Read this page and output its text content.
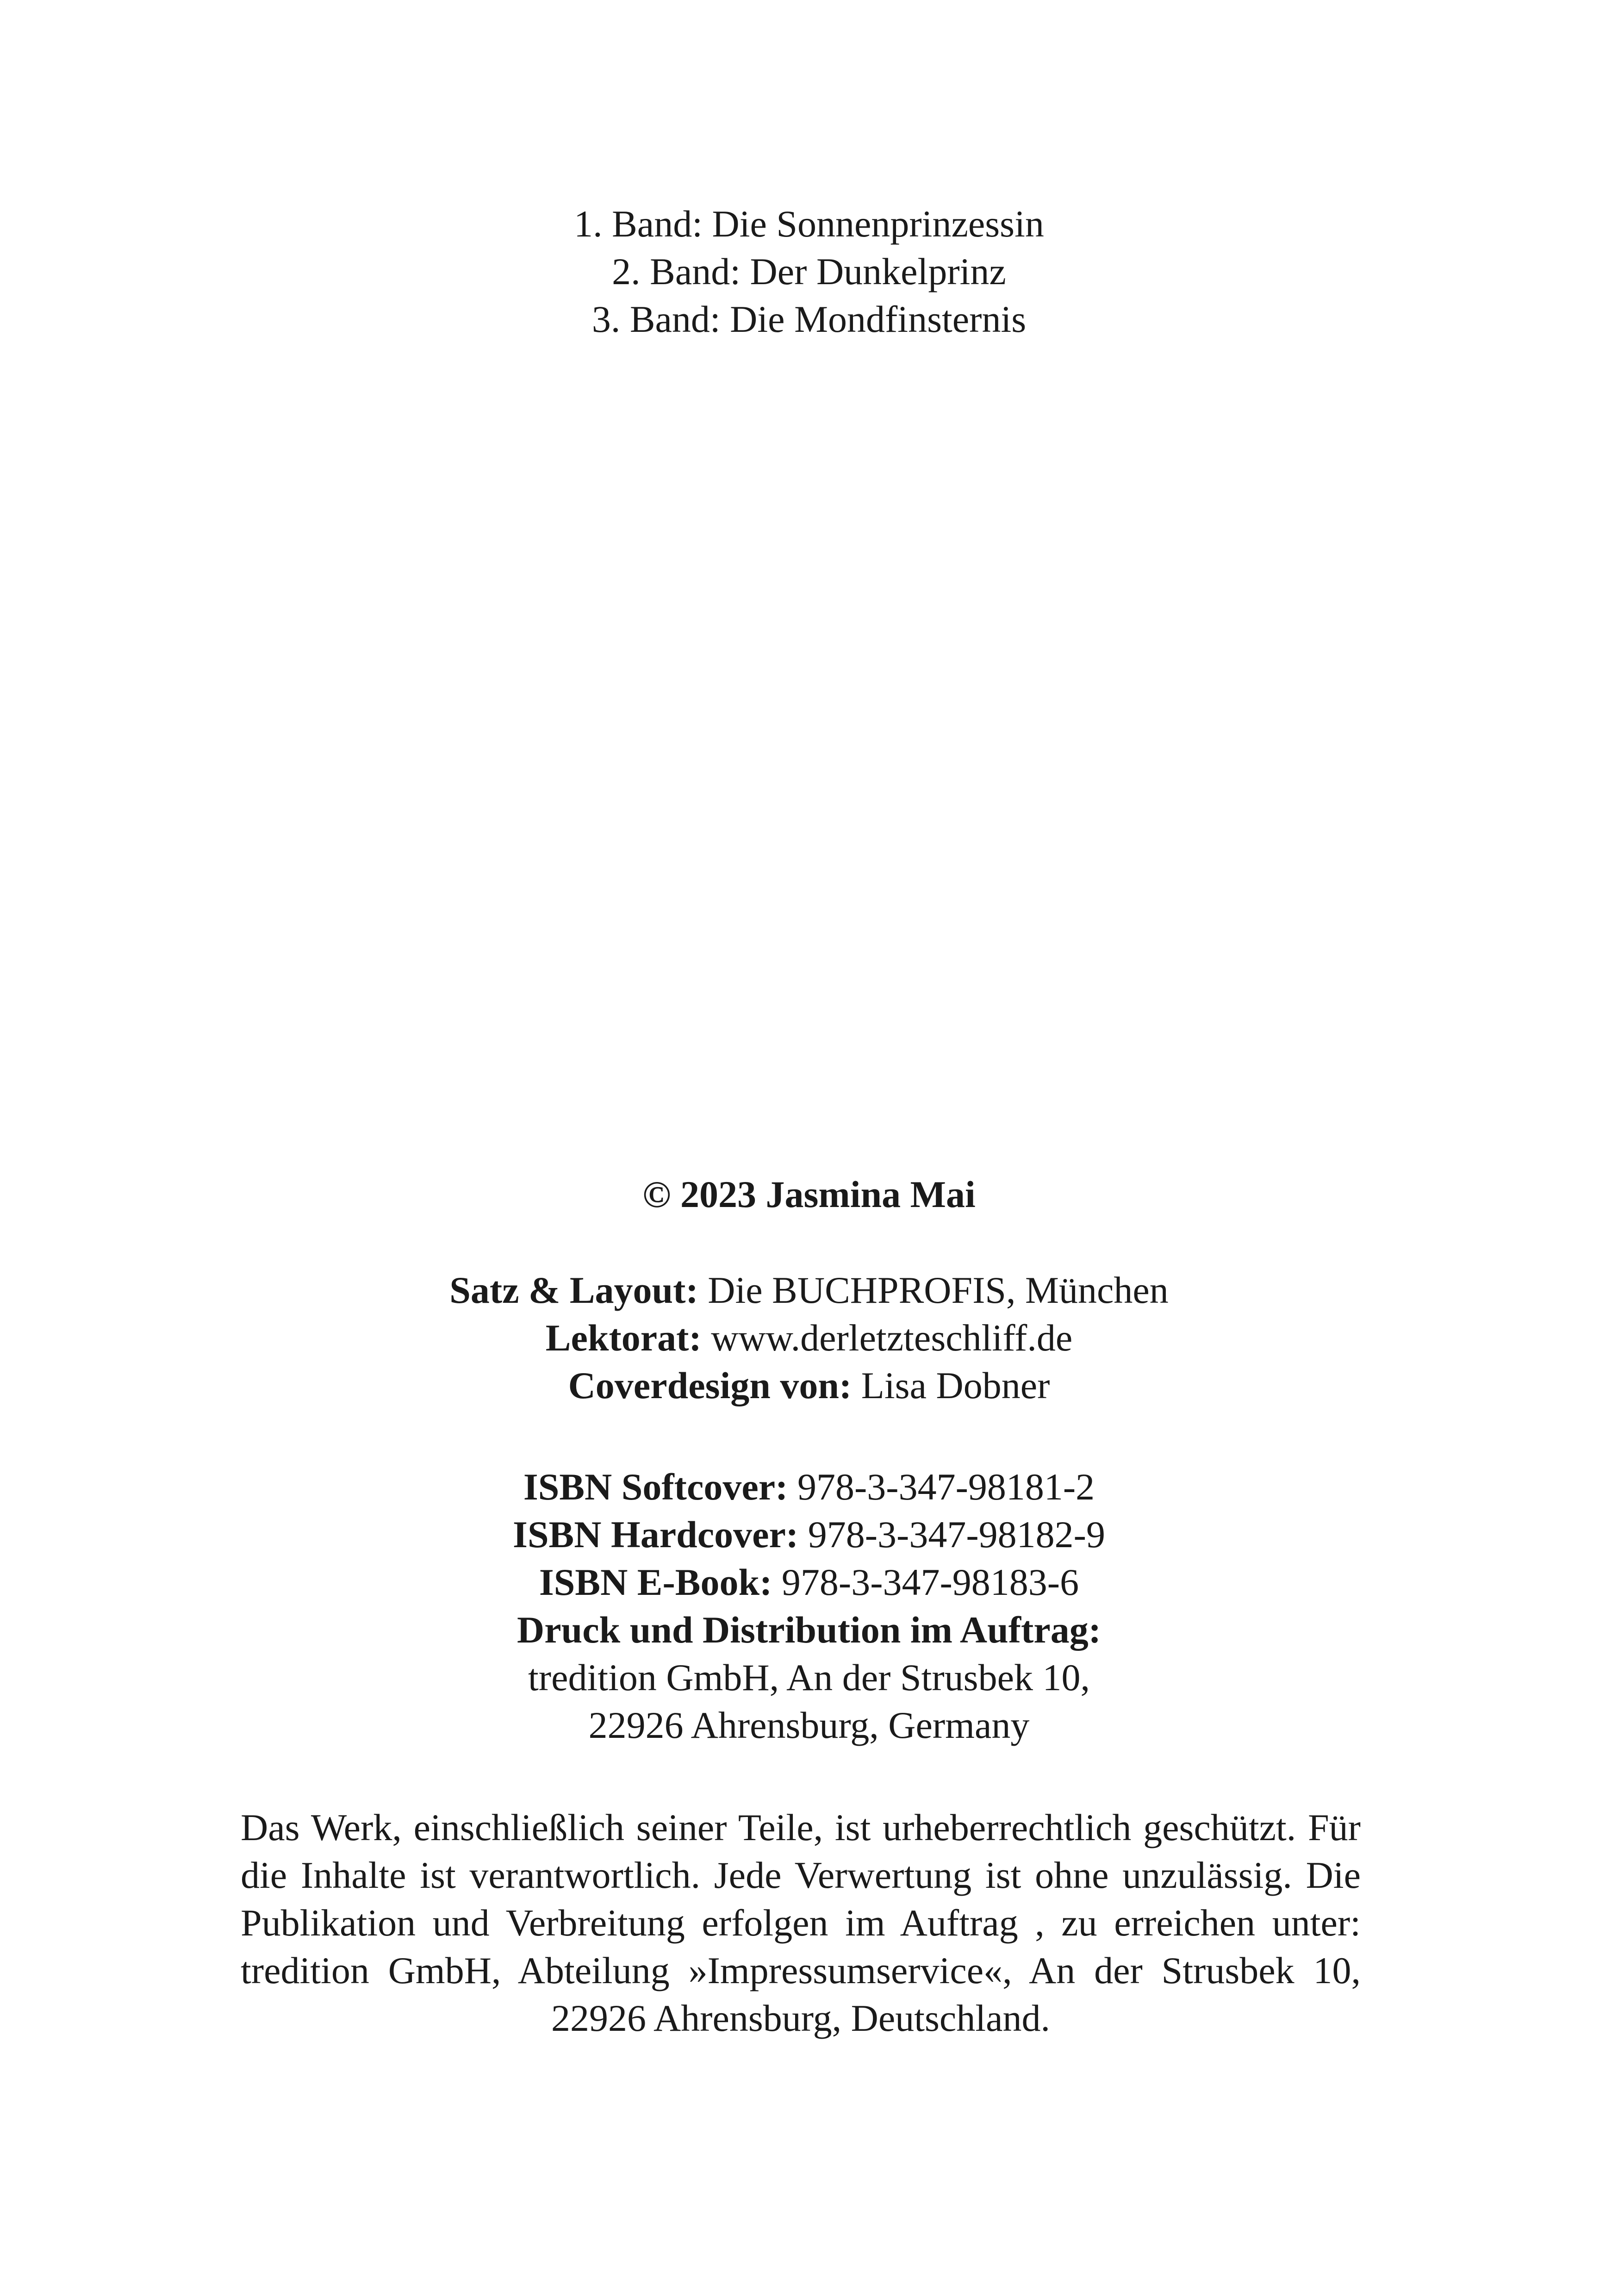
1. Band: Die Sonnenprinzessin
2. Band: Der Dunkelprinz
3. Band: Die Mondfinsternis
© 2023 Jasmina Mai
Satz & Layout: Die BUCHPROFIS, München
Lektorat: www.derletzteschliff.de
Coverdesign von: Lisa Dobner
ISBN Softcover: 978-3-347-98181-2
ISBN Hardcover: 978-3-347-98182-9
ISBN E-Book: 978-3-347-98183-6
Druck und Distribution im Auftrag:
tredition GmbH, An der Strusbek 10,
22926 Ahrensburg, Germany
Das Werk, einschließlich seiner Teile, ist urheberrechtlich geschützt. Für die Inhalte ist verantwortlich. Jede Verwertung ist ohne unzulässig. Die Publikation und Verbreitung erfolgen im Auftrag , zu erreichen unter: tredition GmbH, Abteilung »Impressumservice«, An der Strusbek 10, 22926 Ahrensburg, Deutschland.
